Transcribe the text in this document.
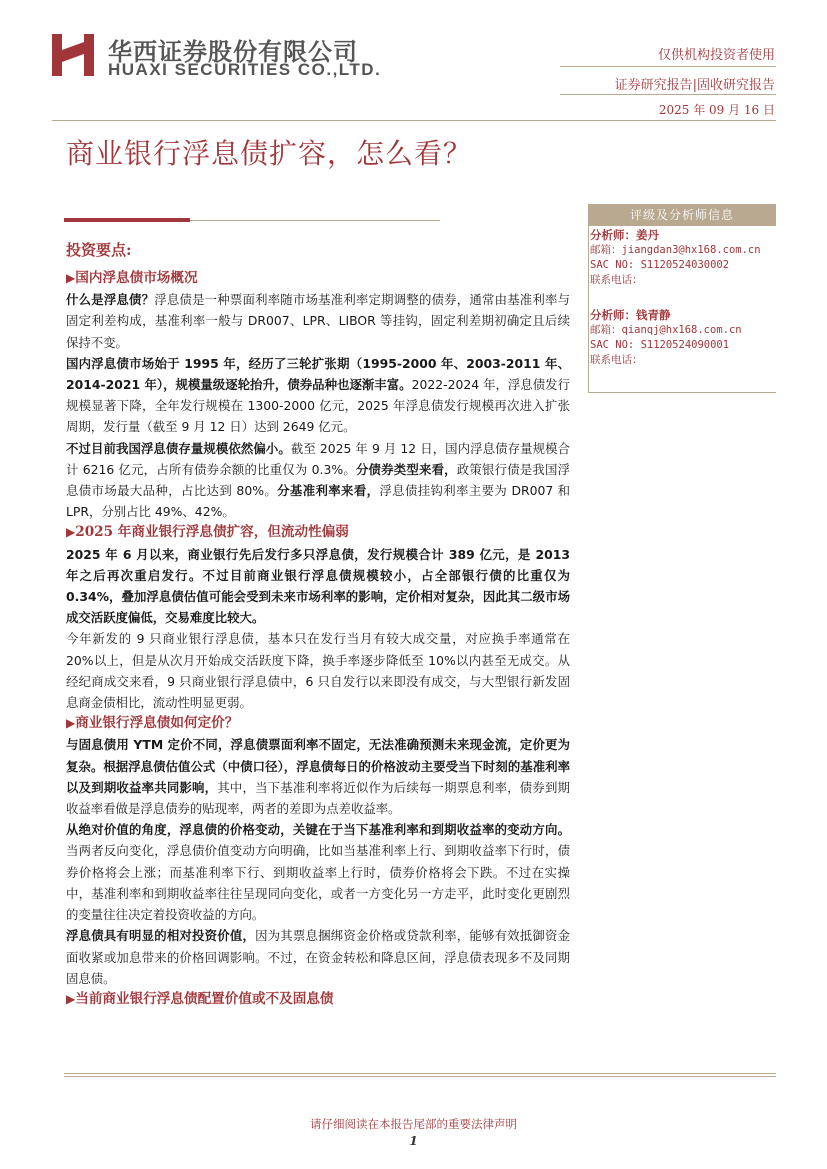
华西证券股份有限公司
HUAXI SECURITIES CO.,LTD.
仅供机构投资者使用
证券研究报告|固收研究报告
2025 年 09 月 16 日
商业银行浮息债扩容，怎么看？
投资要点:

▶国内浮息债市场概况

什么是浮息债？浮息债是一种票面利率随市场基准利率定期调整的债券，通常由基准利率与固定利差构成，基准利率一般与 DR007、LPR、LIBOR 等挂钩，固定利差期初确定且后续保持不变。

国内浮息债市场始于 1995 年，经历了三轮扩张期（1995-2000 年、2003-2011 年、2014-2021 年），规模量级逐轮抬升，债券品种也逐渐丰富。2022-2024 年，浮息债发行规模显著下降，全年发行规模在 1300-2000 亿元，2025 年浮息债发行规模再次进入扩张周期，发行量（截至 9 月 12 日）达到 2649 亿元。

不过目前我国浮息债存量规模依然偏小。截至 2025 年 9 月 12 日，国内浮息债存量规模合计 6216 亿元，占所有债券余额的比重仅为 0.3%。分债券类型来看，政策银行债是我国浮息债市场最大品种，占比达到 80%。分基准利率来看，浮息债挂钩利率主要为 DR007 和 LPR，分别占比 49%、42%。

▶2025 年商业银行浮息债扩容，但流动性偏弱

2025 年 6 月以来，商业银行先后发行多只浮息债，发行规模合计 389 亿元，是 2013 年之后再次重启发行。不过目前商业银行浮息债规模较小，占全部银行债的比重仅为 0.34%，叠加浮息债估值可能会受到未来市场利率的影响，定价相对复杂，因此其二级市场成交活跃度偏低，交易难度比较大。

今年新发的 9 只商业银行浮息债，基本只在发行当月有较大成交量，对应换手率通常在 20%以上，但是从次月开始成交活跃度下降，换手率逐步降低至 10%以内甚至无成交。从经纪商成交来看，9 只商业银行浮息债中，6 只自发行以来即没有成交，与大型银行新发固息商金债相比，流动性明显更弱。

▶商业银行浮息债如何定价？

与固息债用 YTM 定价不同，浮息债票面利率不固定，无法准确预测未来现金流，定价更为复杂。根据浮息债估值公式（中债口径），浮息债每日的价格波动主要受当下时刻的基准利率以及到期收益率共同影响，其中，当下基准利率将近似作为后续每一期票息利率，债券到期收益率看做是浮息债券的贴现率，两者的差即为点差收益率。

从绝对价值的角度，浮息债的价格变动，关键在于当下基准利率和到期收益率的变动方向。当两者反向变化，浮息债价值变动方向明确，比如当基准利率上行、到期收益率下行时，债券价格将会上涨；而基准利率下行、到期收益率上行时，债券价格将会下跌。不过在实操中，基准利率和到期收益率往往呈现同向变化，或者一方变化另一方走平，此时变化更剧烈的变量往往决定着投资收益的方向。

浮息债具有明显的相对投资价值，因为其票息捆绑资金价格或贷款利率，能够有效抵御资金面收紧或加息带来的价格回调影响。不过，在资金转松和降息区间，浮息债表现多不及同期固息债。

▶当前商业银行浮息债配置价值或不及固息债

评级及分析师信息
分析师：姜丹
邮箱：jiangdan3@hx168.com.cn
SAC NO: S1120524030002
联系电话：
分析师：钱青静
邮箱：qianqj@hx168.com.cn
SAC NO: S1120524090001
联系电话：
请仔细阅读在本报告尾部的重要法律声明
1
